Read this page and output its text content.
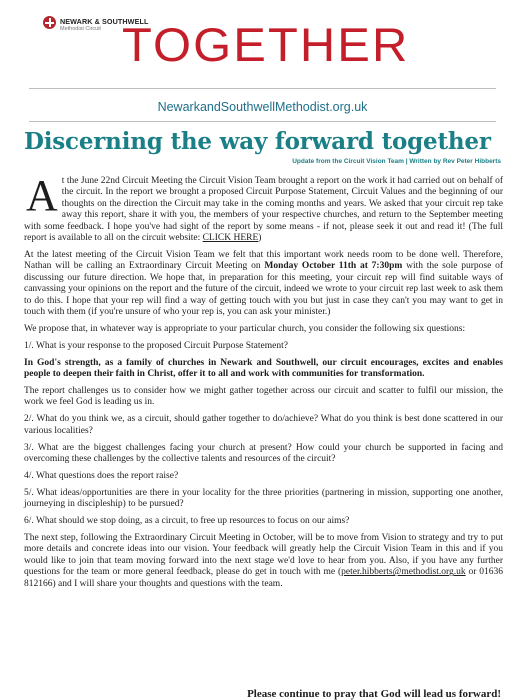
NEWARK & SOUTHWELL
Methodist Circuit TOGETHER
NewarkandSouthwellMethodist.org.uk
Discerning the way forward together
Update from the Circuit Vision Team | Written by Rev Peter Hibberts

At the June 22nd Circuit Meeting the Circuit Vision Team brought a report on the work it had carried out on behalf of the circuit. In the report we brought a proposed Circuit Purpose Statement, Circuit Values and the beginning of our thoughts on the direction the Circuit may take in the coming months and years. We asked that your circuit rep take away this report, share it with you, the members of your respective churches, and return to the September meeting with some feedback. I hope you've had sight of the report by some means - if not, please seek it out and read it! (The full report is available to all on the circuit website: CLICK HERE)

At the latest meeting of the Circuit Vision Team we felt that this important work needs room to be done well. Therefore, Nathan will be calling an Extraordinary Circuit Meeting on Monday October 11th at 7:30pm with the sole purpose of discussing our future direction. We hope that, in preparation for this meeting, your circuit rep will find suitable ways of canvassing your opinions on the report and the future of the circuit, indeed we wrote to your circuit rep last week to ask them to do this. I hope that your rep will find a way of getting touch with you but just in case they can't you may want to get in touch with them (if you're unsure of who your rep is, you can ask your minister.)

We propose that, in whatever way is appropriate to your particular church, you consider the following six questions:

1/. What is your response to the proposed Circuit Purpose Statement?

In God's strength, as a family of churches in Newark and Southwell, our circuit encourages, excites and enables people to deepen their faith in Christ, offer it to all and work with communities for transformation.

The report challenges us to consider how we might gather together across our circuit and scatter to fulfil our mission, the work we feel God is leading us in.

2/. What do you think we, as a circuit, should gather together to do/achieve? What do you think is best done scattered in our various localities?

3/. What are the biggest challenges facing your church at present? How could your church be supported in facing and overcoming these challenges by the collective talents and resources of the circuit?

4/. What questions does the report raise?

5/. What ideas/opportunities are there in your locality for the three priorities (partnering in mission, supporting one another, journeying in discipleship) to be pursued?

6/. What should we stop doing, as a circuit, to free up resources to focus on our aims?

The next step, following the Extraordinary Circuit Meeting in October, will be to move from Vision to strategy and try to put more details and concrete ideas into our vision. Your feedback will greatly help the Circuit Vision Team in this and if you would like to join that team moving forward into the next stage we'd love to hear from you. Also, if you have any further questions for the team or more general feedback, please do get in touch with me (peter.hibberts@methodist.org.uk or 01636 812166) and I will share your thoughts and questions with the team.

Please continue to pray that God will lead us forward!
